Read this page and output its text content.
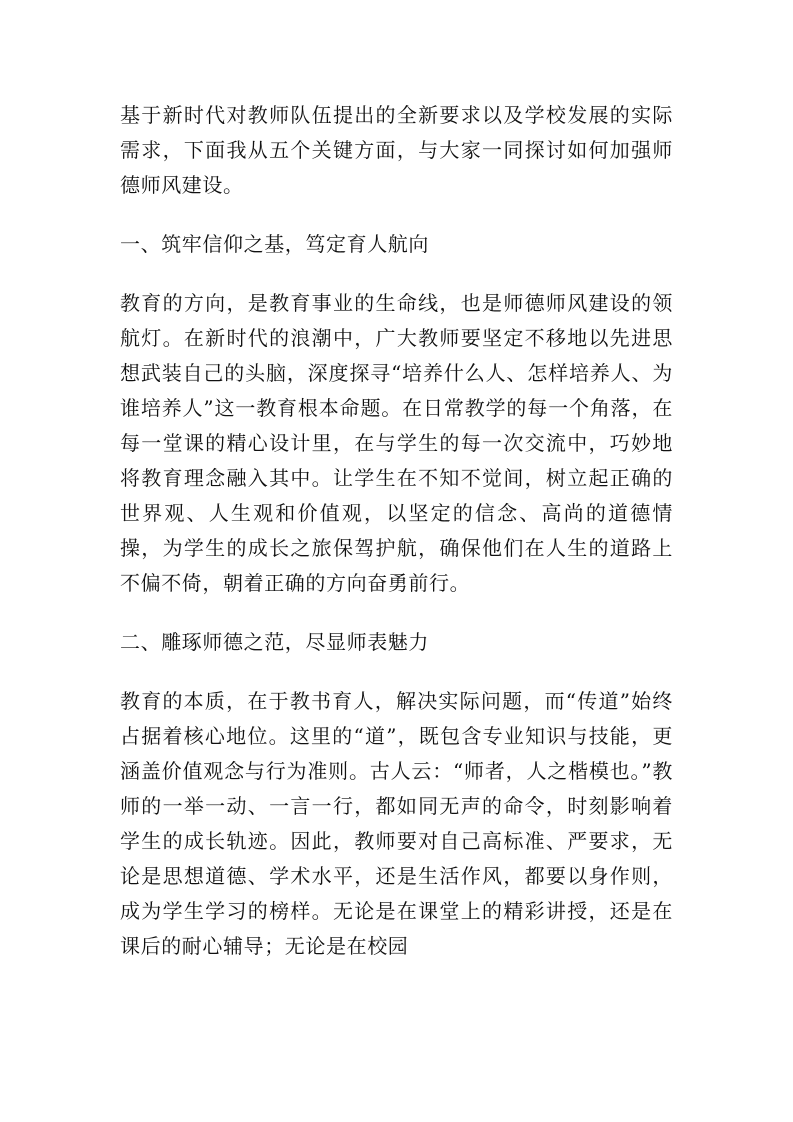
基于新时代对教师队伍提出的全新要求以及学校发展的实际需求，下面我从五个关键方面，与大家一同探讨如何加强师德师风建设。

一、筑牢信仰之基，笃定育人航向

教育的方向，是教育事业的生命线，也是师德师风建设的领航灯。在新时代的浪潮中，广大教师要坚定不移地以先进思想武装自己的头脑，深度探寻“培养什么人、怎样培养人、为谁培养人”这一教育根本命题。在日常教学的每一个角落，在每一堂课的精心设计里，在与学生的每一次交流中，巧妙地将教育理念融入其中。让学生在不知不觉间，树立起正确的世界观、人生观和价值观，以坚定的信念、高尚的道德情操，为学生的成长之旅保驾护航，确保他们在人生的道路上不偏不倚，朝着正确的方向奋勇前行。

二、雕琢师德之范，尽显师表魅力

教育的本质，在于教书育人，解决实际问题，而“传道”始终占据着核心地位。这里的“道”，既包含专业知识与技能，更涵盖价值观念与行为准则。古人云：“师者，人之楷模也。”教师的一举一动、一言一行，都如同无声的命令，时刻影响着学生的成长轨迹。因此，教师要对自己高标准、严要求，无论是思想道德、学术水平，还是生活作风，都要以身作则，成为学生学习的榜样。无论是在课堂上的精彩讲授，还是在课后的耐心辅导；无论是在校园
